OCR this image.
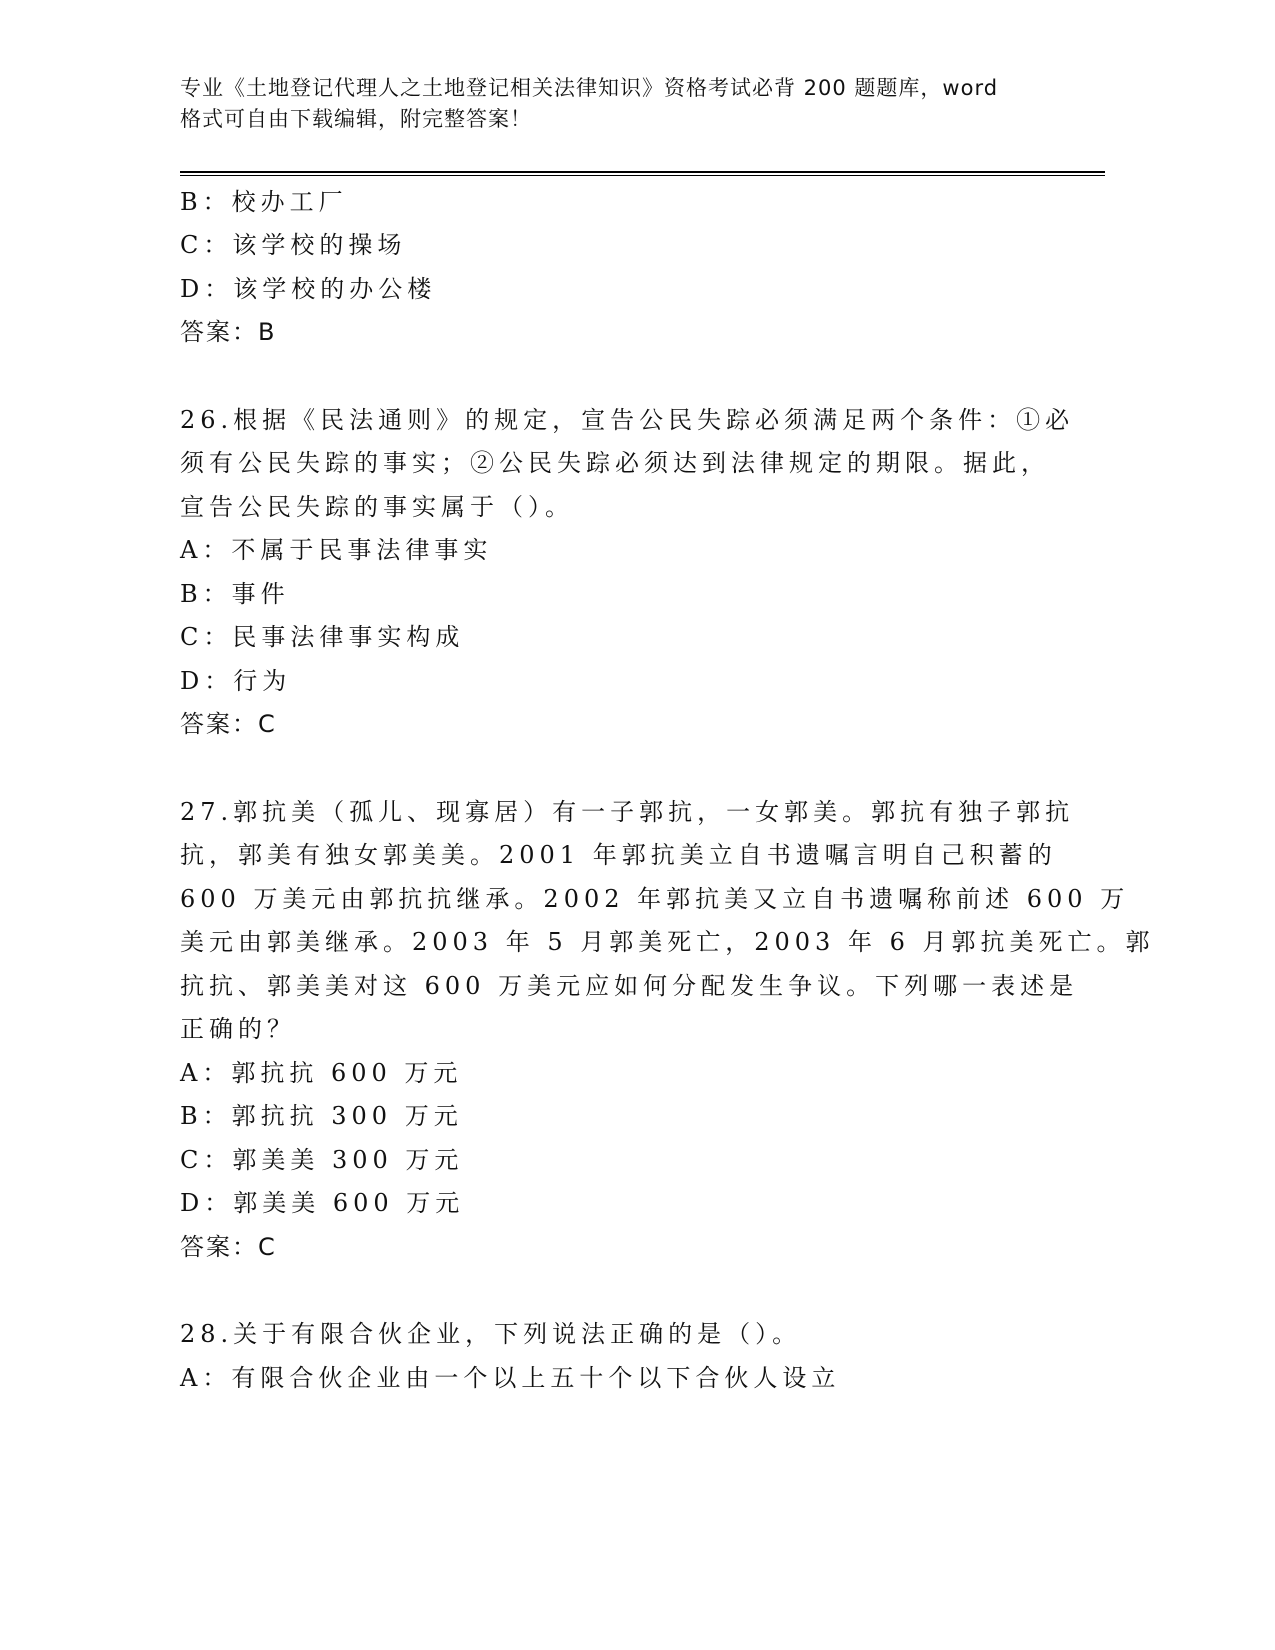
专业《土地登记代理人之土地登记相关法律知识》资格考试必背 200 题题库，word
格式可自由下载编辑，附完整答案！
B：校办工厂
C：该学校的操场
D：该学校的办公楼
答案：B
26.根据《民法通则》的规定，宣告公民失踪必须满足两个条件：①必
须有公民失踪的事实；②公民失踪必须达到法律规定的期限。据此，
宣告公民失踪的事实属于（）。
A：不属于民事法律事实
B：事件
C：民事法律事实构成
D：行为
答案：C
27.郭抗美（孤儿、现寡居）有一子郭抗，一女郭美。郭抗有独子郭抗
抗，郭美有独女郭美美。2001 年郭抗美立自书遗嘱言明自己积蓄的
600 万美元由郭抗抗继承。2002 年郭抗美又立自书遗嘱称前述 600 万
美元由郭美继承。2003 年 5 月郭美死亡，2003 年 6 月郭抗美死亡。郭
抗抗、郭美美对这 600 万美元应如何分配发生争议。下列哪一表述是
正确的？
A：郭抗抗 600 万元
B：郭抗抗 300 万元
C：郭美美 300 万元
D：郭美美 600 万元
答案：C
28.关于有限合伙企业，下列说法正确的是（）。
A：有限合伙企业由一个以上五十个以下合伙人设立
